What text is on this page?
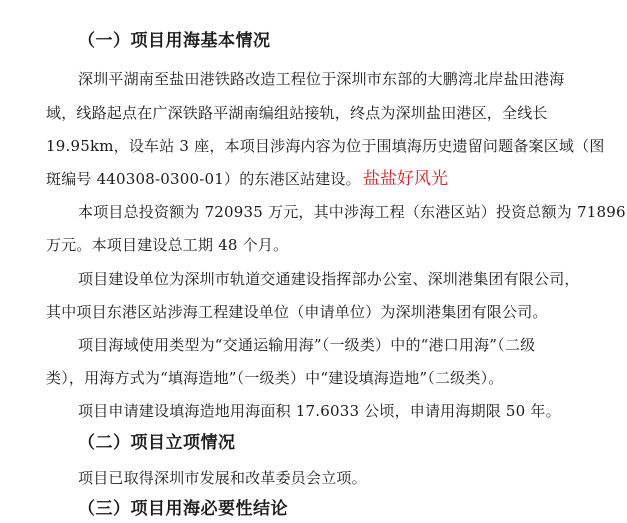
（一）项目用海基本情况
深圳平湖南至盐田港铁路改造工程位于深圳市东部的大鹏湾北岸盐田港海
域，线路起点在广深铁路平湖南编组站接轨，终点为深圳盐田港区，全线长
19.95km，设车站 3 座，本项目涉海内容为位于围填海历史遗留问题备案区域（图
斑编号 440308-0300-01）的东港区站建设。 盐盐好风光
本项目总投资额为 720935 万元，其中涉海工程（东港区站）投资总额为 71896
万元。本项目建设总工期 48 个月。
项目建设单位为深圳市轨道交通建设指挥部办公室、深圳港集团有限公司，
其中项目东港区站涉海工程建设单位（申请单位）为深圳港集团有限公司。
项目海域使用类型为“交通运输用海”（一级类）中的“港口用海”（二级
类），用海方式为“填海造地”（一级类）中“建设填海造地”（二级类）。
项目申请建设填海造地用海面积 17.6033 公顷，申请用海期限 50 年。
（二）项目立项情况
项目已取得深圳市发展和改革委员会立项。
（三）项目用海必要性结论
